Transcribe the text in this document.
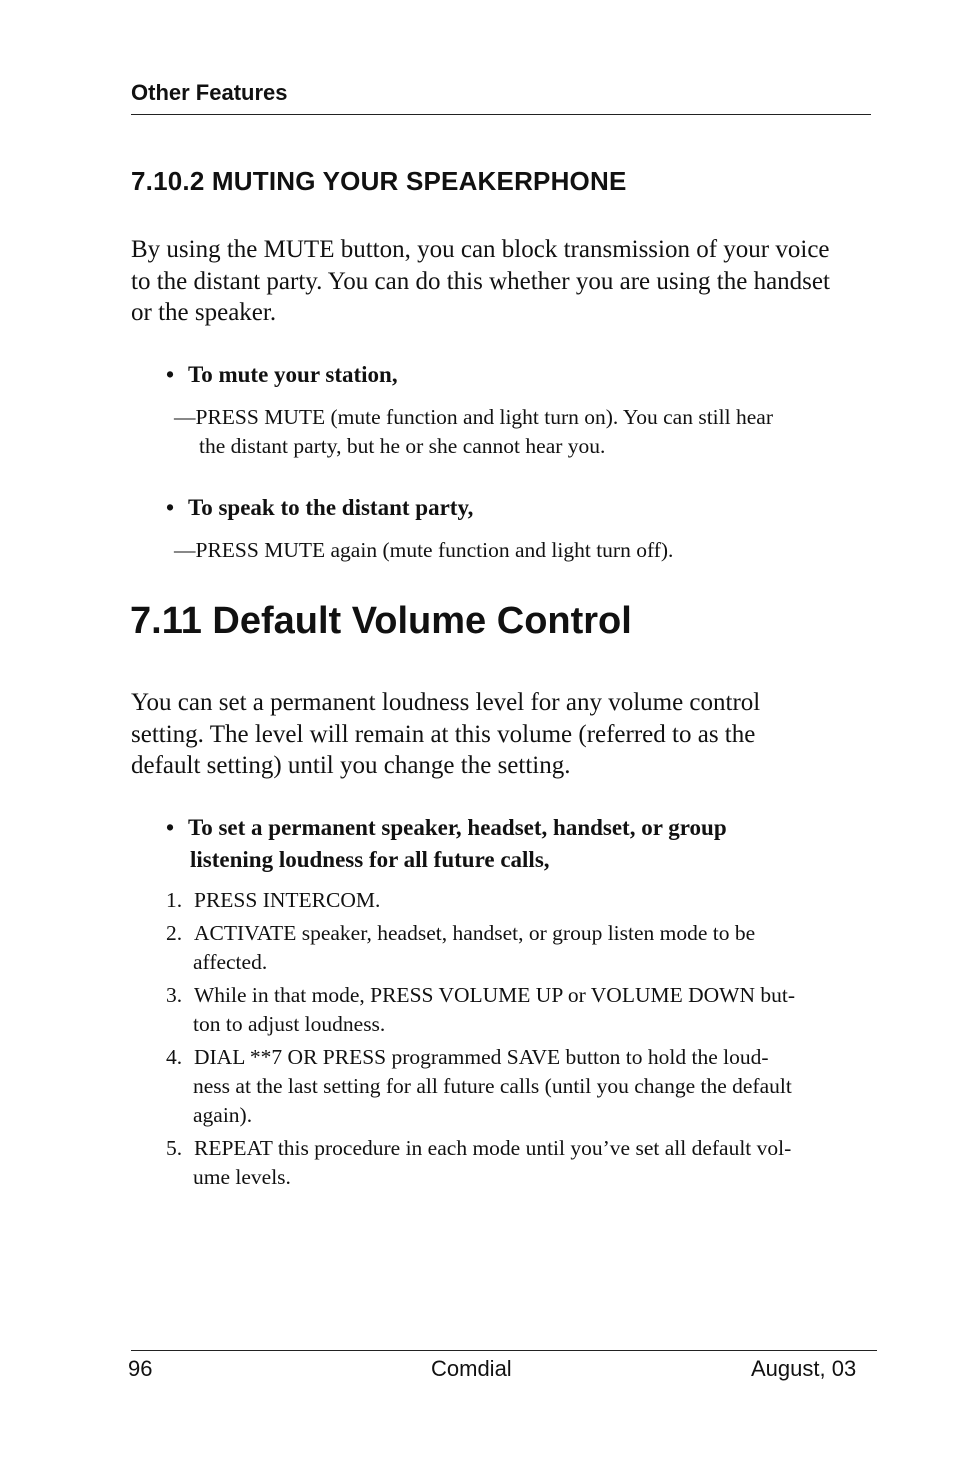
Other Features
7.10.2 MUTING YOUR SPEAKERPHONE

By using the MUTE button, you can block transmission of your voice
to the distant party. You can do this whether you are using the handset
or the speaker.

• To mute your station,
—PRESS MUTE (mute function and light turn on). You can still hear
the distant party, but he or she cannot hear you.
• To speak to the distant party,
—PRESS MUTE again (mute function and light turn off).
7.11 Default Volume Control

You can set a permanent loudness level for any volume control
setting. The level will remain at this volume (referred to as the
default setting) until you change the setting.

• To set a permanent speaker, headset, handset, or group
listening loudness for all future calls,
1. PRESS INTERCOM.
2. ACTIVATE speaker, headset, handset, or group listen mode to be
affected.
3. While in that mode, PRESS VOLUME UP or VOLUME DOWN but-
ton to adjust loudness.
4. DIAL **7 OR PRESS programmed SAVE button to hold the loud-
ness at the last setting for all future calls (until you change the default
again).
5. REPEAT this procedure in each mode until you’ve set all default vol-
ume levels.
96	Comdial	August, 03
